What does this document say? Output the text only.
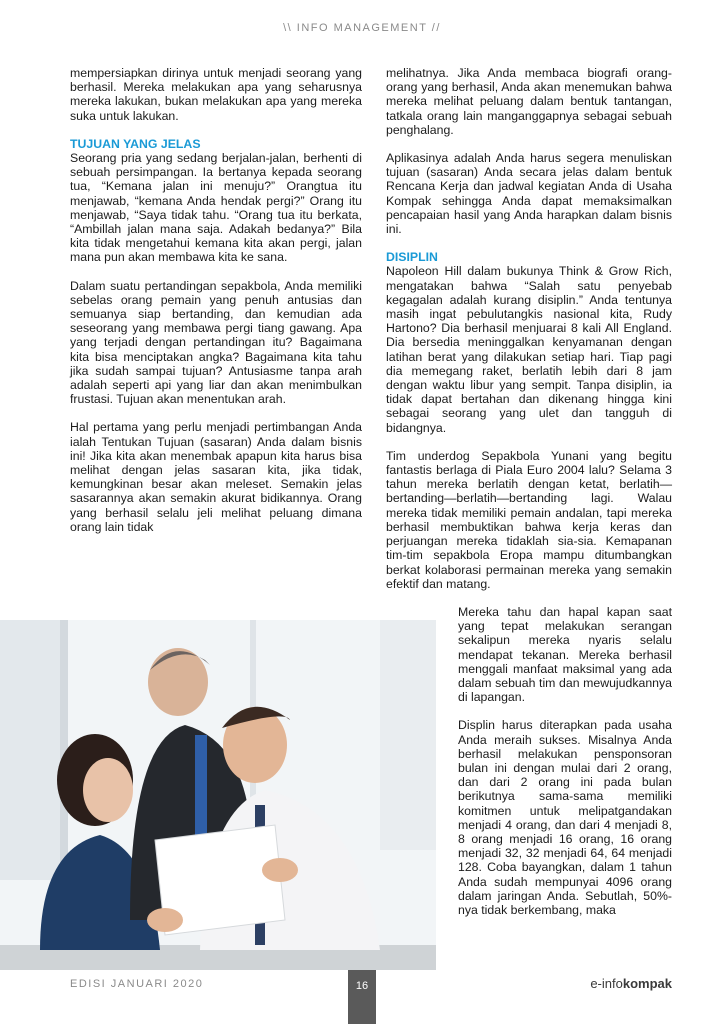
\\ INFO MANAGEMENT //

mempersiapkan dirinya untuk menjadi seorang yang berhasil. Mereka melakukan apa yang seharusnya mereka lakukan, bukan melakukan apa yang mereka suka untuk lakukan.

TUJUAN YANG JELAS

Seorang pria yang sedang berjalan-jalan, berhenti di sebuah persimpangan. Ia bertanya kepada seorang tua, “Kemana jalan ini menuju?” Orangtua itu menjawab, “kemana Anda hendak pergi?” Orang itu menjawab, “Saya tidak tahu. “Orang tua itu berkata, “Ambillah jalan mana saja. Adakah bedanya?” Bila kita tidak mengetahui kemana kita akan pergi, jalan mana pun akan membawa kita ke sana.

Dalam suatu pertandingan sepakbola, Anda memiliki sebelas orang pemain yang penuh antusias dan semuanya siap bertanding, dan kemudian ada seseorang yang membawa pergi tiang gawang. Apa yang terjadi dengan pertandingan itu? Bagaimana kita bisa menciptakan angka? Bagaimana kita tahu jika sudah sampai tujuan? Antusiasme tanpa arah adalah seperti api yang liar dan akan menimbulkan frustasi. Tujuan akan menentukan arah.

Hal pertama yang perlu menjadi pertimbangan Anda ialah Tentukan Tujuan (sasaran) Anda dalam bisnis ini! Jika kita akan menembak apapun kita harus bisa melihat dengan jelas sasaran kita, jika tidak, kemungkinan besar akan meleset. Semakin jelas sasarannya akan semakin akurat bidikannya. Orang yang berhasil selalu jeli melihat peluang dimana orang lain tidak

melihatnya. Jika Anda membaca biografi orang-orang yang berhasil, Anda akan menemukan bahwa mereka melihat peluang dalam bentuk tantangan, tatkala orang lain manganggapnya sebagai sebuah penghalang.

Aplikasinya adalah Anda harus segera menuliskan tujuan (sasaran) Anda secara jelas dalam bentuk Rencana Kerja dan jadwal kegiatan Anda di Usaha Kompak sehingga Anda dapat memaksimalkan pencapaian hasil yang Anda harapkan dalam bisnis ini.

DISIPLIN

Napoleon Hill dalam bukunya Think & Grow Rich, mengatakan bahwa “Salah satu penyebab kegagalan adalah kurang disiplin.” Anda tentunya masih ingat pebulutangkis nasional kita, Rudy Hartono? Dia berhasil menjuarai 8 kali All England. Dia bersedia meninggalkan kenyamanan dengan latihan berat yang dilakukan setiap hari. Tiap pagi dia memegang raket, berlatih lebih dari 8 jam dengan waktu libur yang sempit. Tanpa disiplin, ia tidak dapat bertahan dan dikenang hingga kini sebagai seorang yang ulet dan tangguh di bidangnya.

Tim underdog Sepakbola Yunani yang begitu fantastis berlaga di Piala Euro 2004 lalu? Selama 3 tahun mereka berlatih dengan ketat, berlatih—bertanding—berlatih—bertanding lagi. Walau mereka tidak memiliki pemain andalan, tapi mereka berhasil membuktikan bahwa kerja keras dan perjuangan mereka tidaklah sia-sia. Kemapanan tim-tim sepakbola Eropa mampu ditumbangkan berkat kolaborasi permainan mereka yang semakin efektif dan matang.

Mereka tahu dan hapal kapan saat yang tepat melakukan serangan sekalipun mereka nyaris selalu mendapat tekanan. Mereka berhasil menggali manfaat maksimal yang ada dalam sebuah tim dan mewujudkannya di lapangan.

Displin harus diterapkan pada usaha Anda meraih sukses. Misalnya Anda berhasil melakukan pensponsoran bulan ini dengan mulai dari 2 orang, dan dari 2 orang ini pada bulan berikutnya sama-sama memiliki komitmen untuk melipatgandakan menjadi 4 orang, dan dari 4 menjadi 8, 8 orang menjadi 16 orang, 16 orang menjadi 32, 32 menjadi 64, 64 menjadi 128. Coba bayangkan, dalam 1 tahun Anda sudah mempunyai 4096 orang dalam jaringan Anda. Sebutlah, 50%-nya tidak berkembang, maka

EDISI JANUARI 2020	16	e-infokompak
